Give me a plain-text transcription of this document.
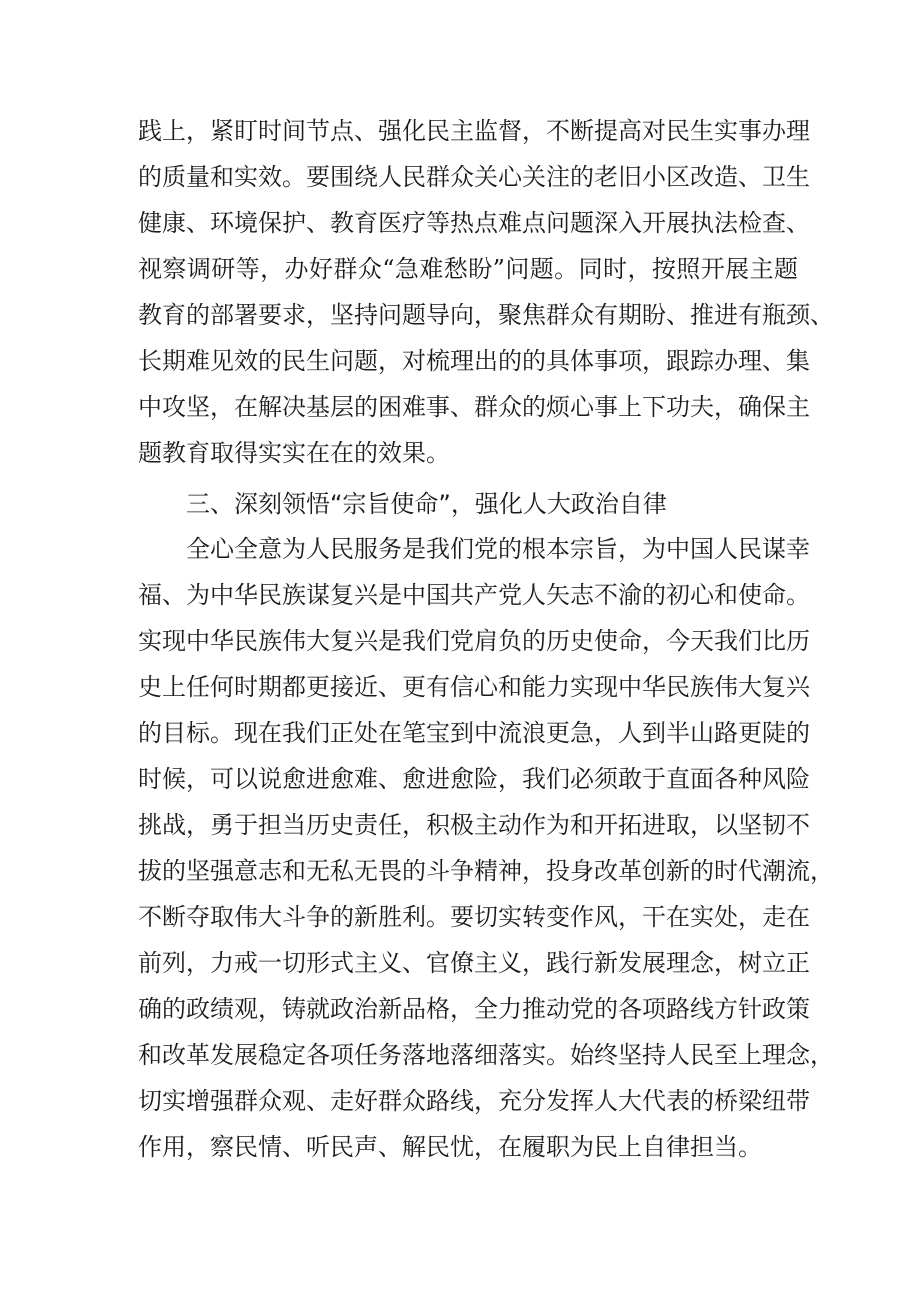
践上，紧盯时间节点、强化民主监督，不断提高对民生实事办理

的质量和实效。要围绕人民群众关心关注的老旧小区改造、卫生

健康、环境保护、教育医疗等热点难点问题深入开展执法检查、

视察调研等，办好群众“急难愁盼”问题。同时，按照开展主题

教育的部署要求，坚持问题导向，聚焦群众有期盼、推进有瓶颈、

长期难见效的民生问题，对梳理出的的具体事项，跟踪办理、集

中攻坚，在解决基层的困难事、群众的烦心事上下功夫，确保主

题教育取得实实在在的效果。

三、深刻领悟“宗旨使命”，强化人大政治自律

　　全心全意为人民服务是我们党的根本宗旨，为中国人民谋幸

福、为中华民族谋复兴是中国共产党人矢志不渝的初心和使命。

实现中华民族伟大复兴是我们党肩负的历史使命，今天我们比历

史上任何时期都更接近、更有信心和能力实现中华民族伟大复兴

的目标。现在我们正处在笔宝到中流浪更急，人到半山路更陡的

时候，可以说愈进愈难、愈进愈险，我们必须敢于直面各种风险

挑战，勇于担当历史责任，积极主动作为和开拓进取，以坚韧不

拔的坚强意志和无私无畏的斗争精神，投身改革创新的时代潮流，

不断夺取伟大斗争的新胜利。要切实转变作风，干在实处，走在

前列，力戒一切形式主义、官僚主义，践行新发展理念，树立正

确的政绩观，铸就政治新品格，全力推动党的各项路线方针政策

和改革发展稳定各项任务落地落细落实。始终坚持人民至上理念，

切实增强群众观、走好群众路线，充分发挥人大代表的桥梁纽带

作用，察民情、听民声、解民忧，在履职为民上自律担当。
